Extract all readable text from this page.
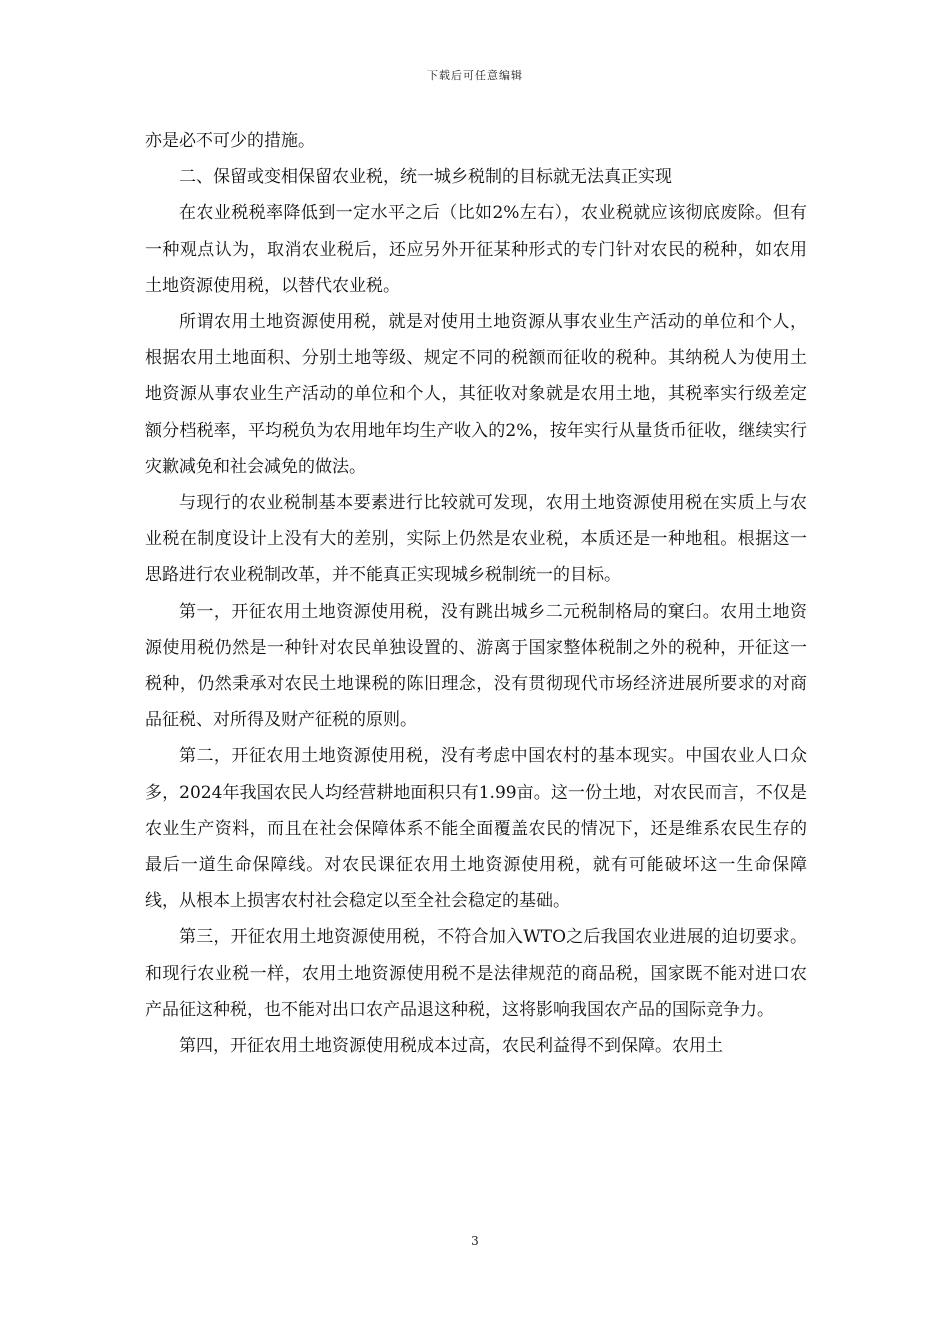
下载后可任意编辑

亦是必不可少的措施。

二、保留或变相保留农业税，统一城乡税制的目标就无法真正实现

在农业税税率降低到一定水平之后（比如2%左右），农业税就应该彻底废除。但有一种观点认为，取消农业税后，还应另外开征某种形式的专门针对农民的税种，如农用土地资源使用税，以替代农业税。

所谓农用土地资源使用税，就是对使用土地资源从事农业生产活动的单位和个人，根据农用土地面积、分别土地等级、规定不同的税额而征收的税种。其纳税人为使用土地资源从事农业生产活动的单位和个人，其征收对象就是农用土地，其税率实行级差定额分档税率，平均税负为农用地年均生产收入的2%，按年实行从量货币征收，继续实行灾歉减免和社会减免的做法。

与现行的农业税制基本要素进行比较就可发现，农用土地资源使用税在实质上与农业税在制度设计上没有大的差别，实际上仍然是农业税，本质还是一种地租。根据这一思路进行农业税制改革，并不能真正实现城乡税制统一的目标。

第一，开征农用土地资源使用税，没有跳出城乡二元税制格局的窠臼。农用土地资源使用税仍然是一种针对农民单独设置的、游离于国家整体税制之外的税种，开征这一税种，仍然秉承对农民土地课税的陈旧理念，没有贯彻现代市场经济进展所要求的对商品征税、对所得及财产征税的原则。

第二，开征农用土地资源使用税，没有考虑中国农村的基本现实。中国农业人口众多，2024年我国农民人均经营耕地面积只有1.99亩。这一份土地，对农民而言，不仅是农业生产资料，而且在社会保障体系不能全面覆盖农民的情况下，还是维系农民生存的最后一道生命保障线。对农民课征农用土地资源使用税，就有可能破坏这一生命保障线，从根本上损害农村社会稳定以至全社会稳定的基础。

第三，开征农用土地资源使用税，不符合加入WTO之后我国农业进展的迫切要求。和现行农业税一样，农用土地资源使用税不是法律规范的商品税，国家既不能对进口农产品征这种税，也不能对出口农产品退这种税，这将影响我国农产品的国际竞争力。

第四，开征农用土地资源使用税成本过高，农民利益得不到保障。农用土

3
